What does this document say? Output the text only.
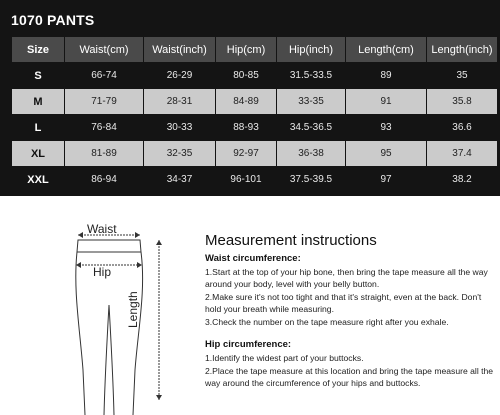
1070 PANTS
Size	Waist(cm)	Waist(inch)	Hip(cm)	Hip(inch)	Length(cm)	Length(inch)
S	66-74	26-29	80-85	31.5-33.5	89	35
M	71-79	28-31	84-89	33-35	91	35.8
L	76-84	30-33	88-93	34.5-36.5	93	36.6
XL	81-89	32-35	92-97	36-38	95	37.4
XXL	86-94	34-37	96-101	37.5-39.5	97	38.2
Waist
Hip
Length
Measurement instructions
Waist circumference:

1.Start at the top of your hip bone, then bring the tape measure all the way around your body, level with your belly button.

2.Make sure it's not too tight and that it's straight, even at the back. Don't hold your breath while measuring.

3.Check the number on the tape measure right after you exhale.

Hip circumference:

1.Identify the widest part of your buttocks.

2.Place the tape measure at this location and bring the tape measure all the way around the circumference of your hips and buttocks.
